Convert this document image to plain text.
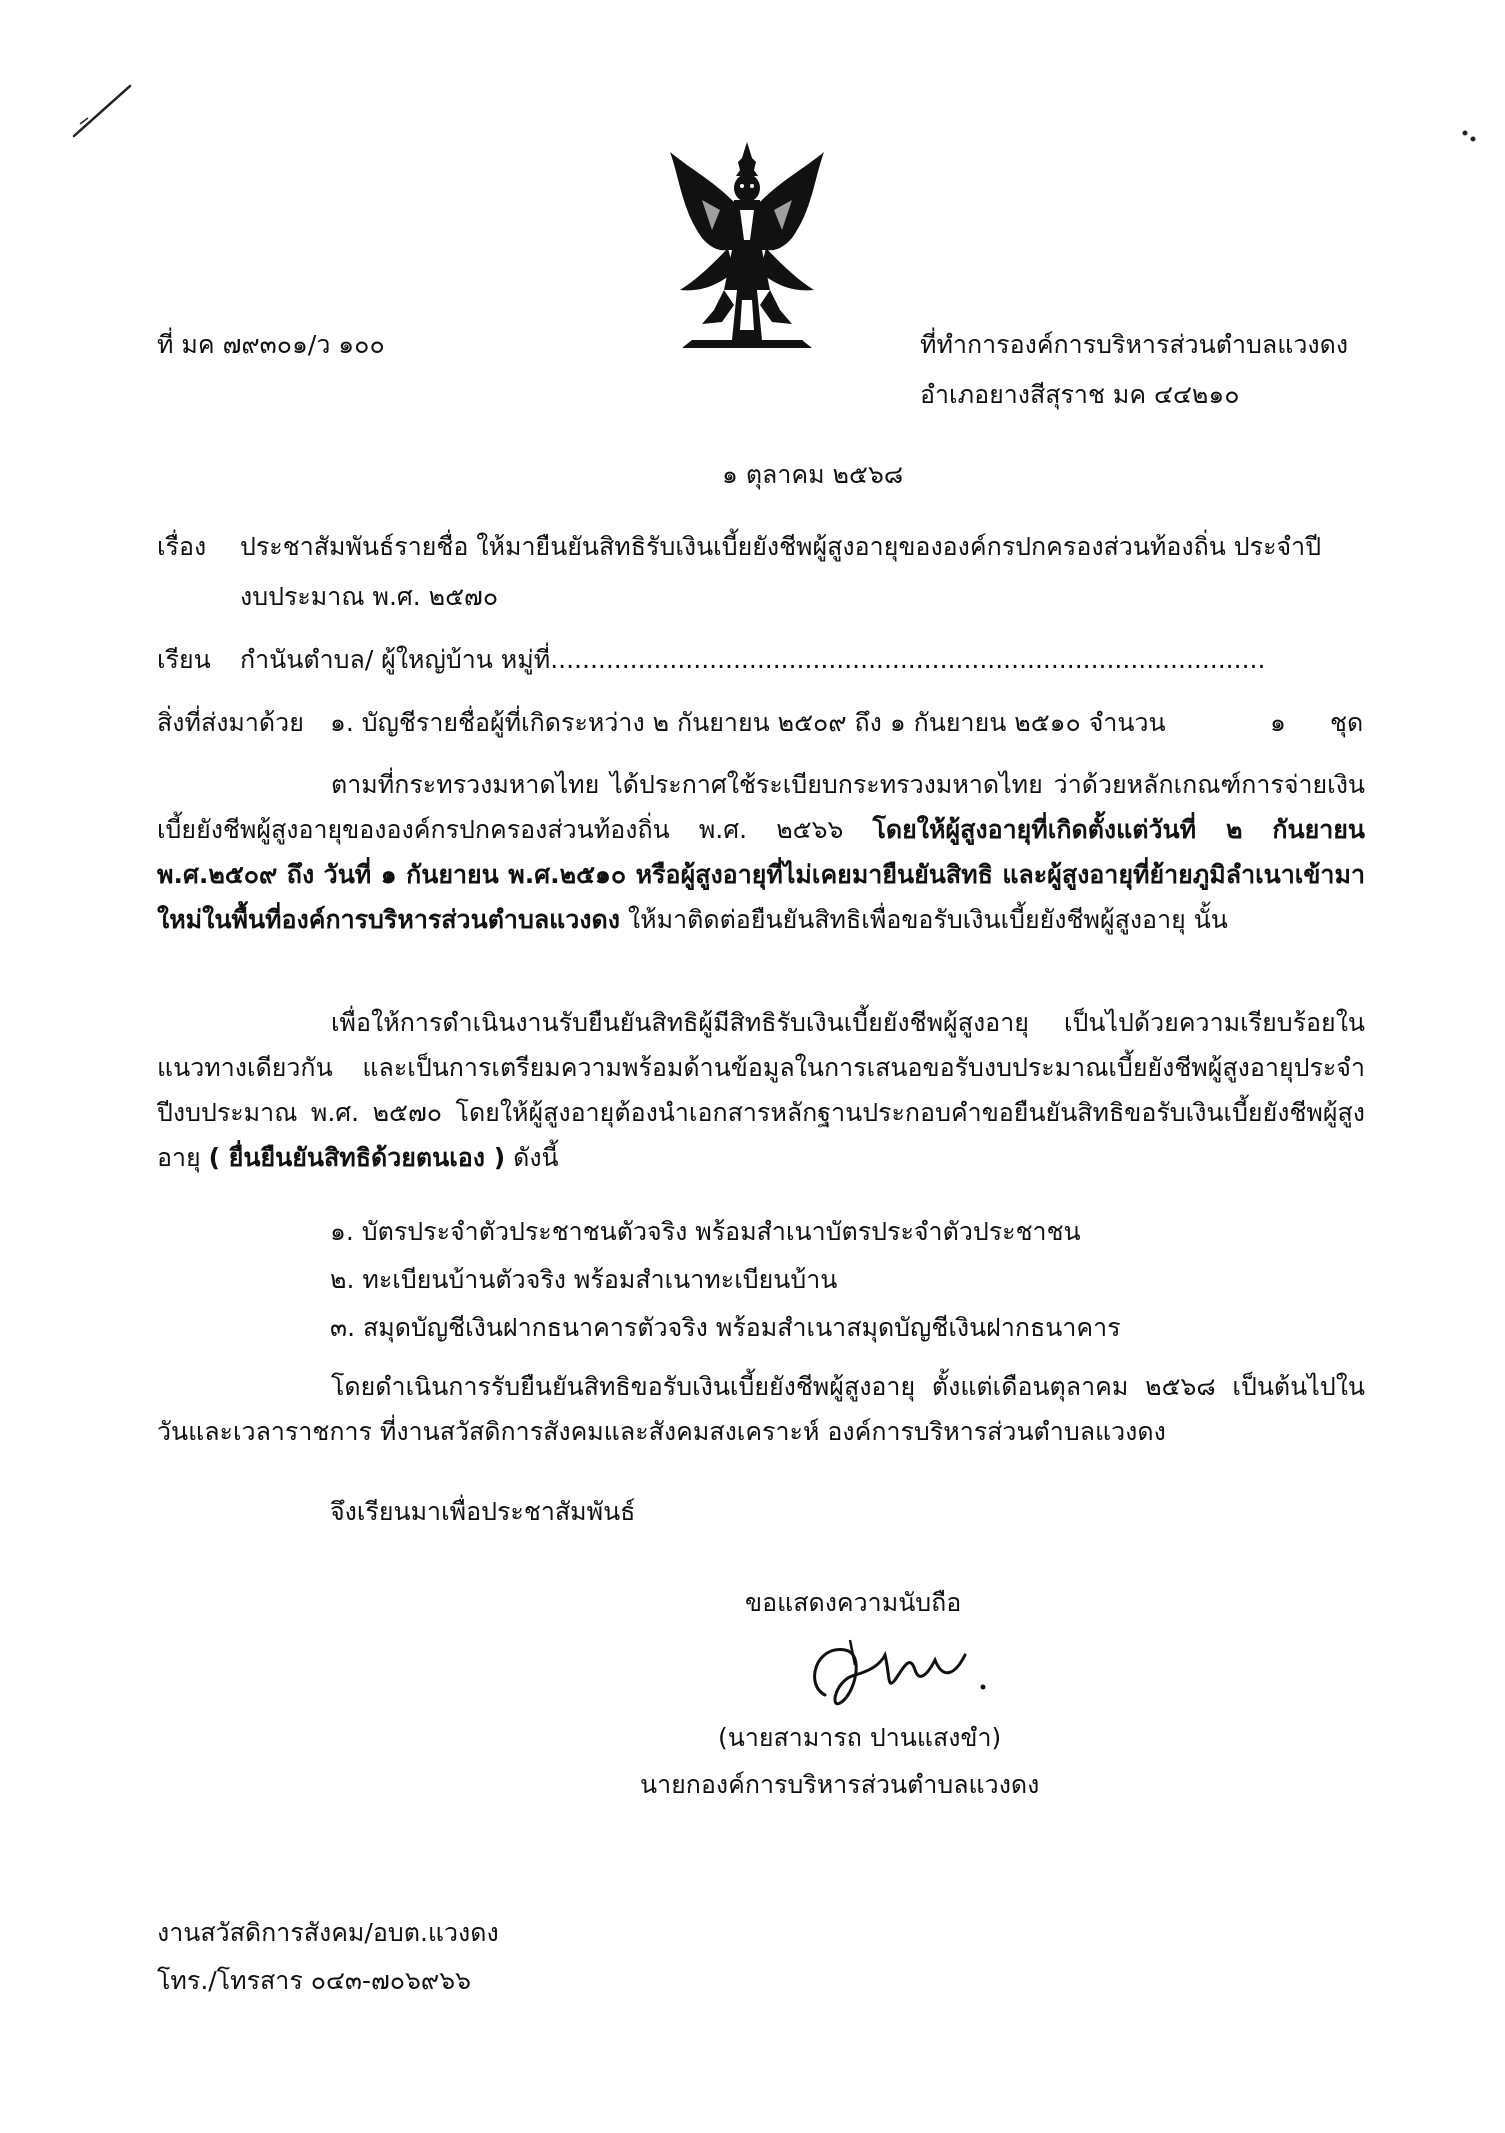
ที่ มค ๗๙๓๐๑/ว ๑๐๐	ที่ทำการองค์การบริหารส่วนตำบลแวงดง
อำเภอยางสีสุราช มค ๔๔๒๑๐
๑ ตุลาคม ๒๕๖๘
เรื่อง ประชาสัมพันธ์รายชื่อ ให้มายืนยันสิทธิรับเงินเบี้ยยังชีพผู้สูงอายุขององค์กรปกครองส่วนท้องถิ่น ประจำปี
งบประมาณ พ.ศ. ๒๕๗๐
เรียน กำนันตำบล/ ผู้ใหญ่บ้าน หมู่ที่..........................................................................................
สิ่งที่ส่งมาด้วย ๑. บัญชีรายชื่อผู้ที่เกิดระหว่าง ๒ กันยายน ๒๕๐๙ ถึง ๑ กันยายน ๒๕๑๐ จำนวน	๑ ชุด
ตามที่กระทรวงมหาดไทย ได้ประกาศใช้ระเบียบกระทรวงมหาดไทย ว่าด้วยหลักเกณฑ์การจ่ายเงินเบี้ยยังชีพผู้สูงอายุขององค์กรปกครองส่วนท้องถิ่น พ.ศ. ๒๕๖๖ โดยให้ผู้สูงอายุที่เกิดตั้งแต่วันที่ ๒ กันยายน พ.ศ.๒๕๐๙ ถึง วันที่ ๑ กันยายน พ.ศ.๒๕๑๐ หรือผู้สูงอายุที่ไม่เคยมายืนยันสิทธิ และผู้สูงอายุที่ย้ายภูมิลำเนาเข้ามาใหม่ในพื้นที่องค์การบริหารส่วนตำบลแวงดง ให้มาติดต่อยืนยันสิทธิเพื่อขอรับเงินเบี้ยยังชีพผู้สูงอายุ นั้น
เพื่อให้การดำเนินงานรับยืนยันสิทธิผู้มีสิทธิรับเงินเบี้ยยังชีพผู้สูงอายุ เป็นไปด้วยความเรียบร้อยในแนวทางเดียวกัน และเป็นการเตรียมความพร้อมด้านข้อมูลในการเสนอขอรับงบประมาณเบี้ยยังชีพผู้สูงอายุประจำปีงบประมาณ พ.ศ. ๒๕๗๐ โดยให้ผู้สูงอายุต้องนำเอกสารหลักฐานประกอบคำขอยืนยันสิทธิขอรับเงินเบี้ยยังชีพผู้สูงอายุ ( ยื่นยืนยันสิทธิด้วยตนเอง ) ดังนี้
๑. บัตรประจำตัวประชาชนตัวจริง พร้อมสำเนาบัตรประจำตัวประชาชน
๒. ทะเบียนบ้านตัวจริง พร้อมสำเนาทะเบียนบ้าน
๓. สมุดบัญชีเงินฝากธนาคารตัวจริง พร้อมสำเนาสมุดบัญชีเงินฝากธนาคาร
โดยดำเนินการรับยืนยันสิทธิขอรับเงินเบี้ยยังชีพผู้สูงอายุ ตั้งแต่เดือนตุลาคม ๒๕๖๘ เป็นต้นไปในวันและเวลาราชการ ที่งานสวัสดิการสังคมและสังคมสงเคราะห์ องค์การบริหารส่วนตำบลแวงดง
จึงเรียนมาเพื่อประชาสัมพันธ์
ขอแสดงความนับถือ
(นายสามารถ ปานแสงขำ)
นายกองค์การบริหารส่วนตำบลแวงดง
งานสวัสดิการสังคม/อบต.แวงดง
โทร./โทรสาร ๐๔๓-๗๐๖๙๖๖
